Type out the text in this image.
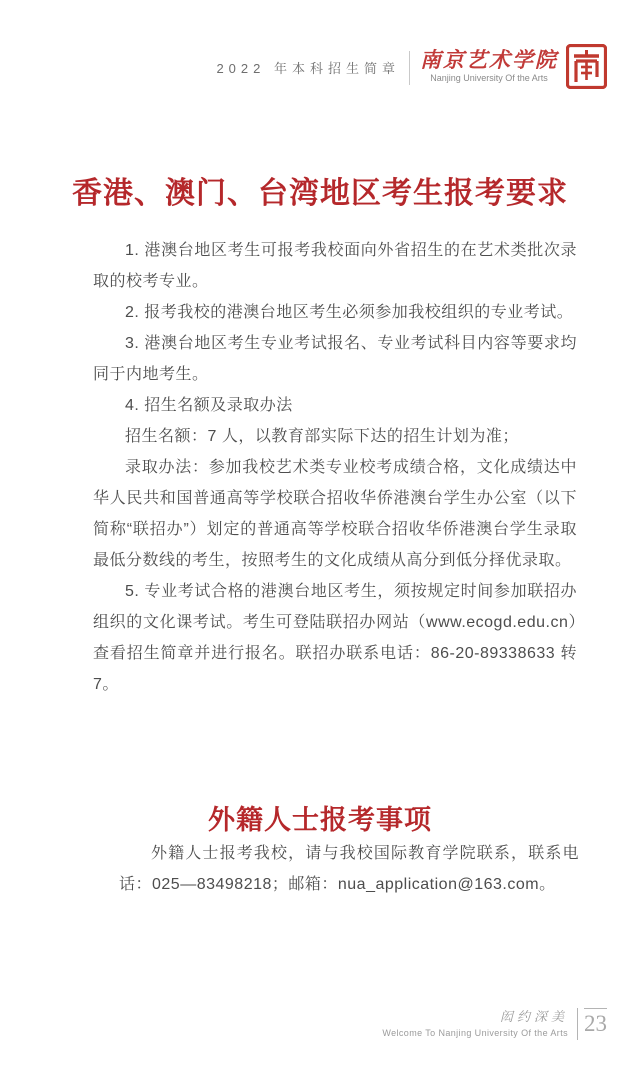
2022 年本科招生简章 南京艺术学院
Nanjing University Of the Arts
香港、澳门、台湾地区考生报考要求

1. 港澳台地区考生可报考我校面向外省招生的在艺术类批次录取的校考专业。

2. 报考我校的港澳台地区考生必须参加我校组织的专业考试。

3. 港澳台地区考生专业考试报名、专业考试科目内容等要求均同于内地考生。

4. 招生名额及录取办法

招生名额：7 人，以教育部实际下达的招生计划为准；

录取办法：参加我校艺术类专业校考成绩合格，文化成绩达中华人民共和国普通高等学校联合招收华侨港澳台学生办公室（以下简称“联招办”）划定的普通高等学校联合招收华侨港澳台学生录取最低分数线的考生，按照考生的文化成绩从高分到低分择优录取。

5. 专业考试合格的港澳台地区考生，须按规定时间参加联招办组织的文化课考试。考生可登陆联招办网站（www.ecogd.edu.cn）查看招生简章并进行报名。联招办联系电话：86-20-89338633 转 7。

外籍人士报考事项

外籍人士报考我校，请与我校国际教育学院联系，联系电话：025—83498218；邮箱：nua_application@163.com。

闳约深美
Welcome To Nanjing University Of the Arts 23
